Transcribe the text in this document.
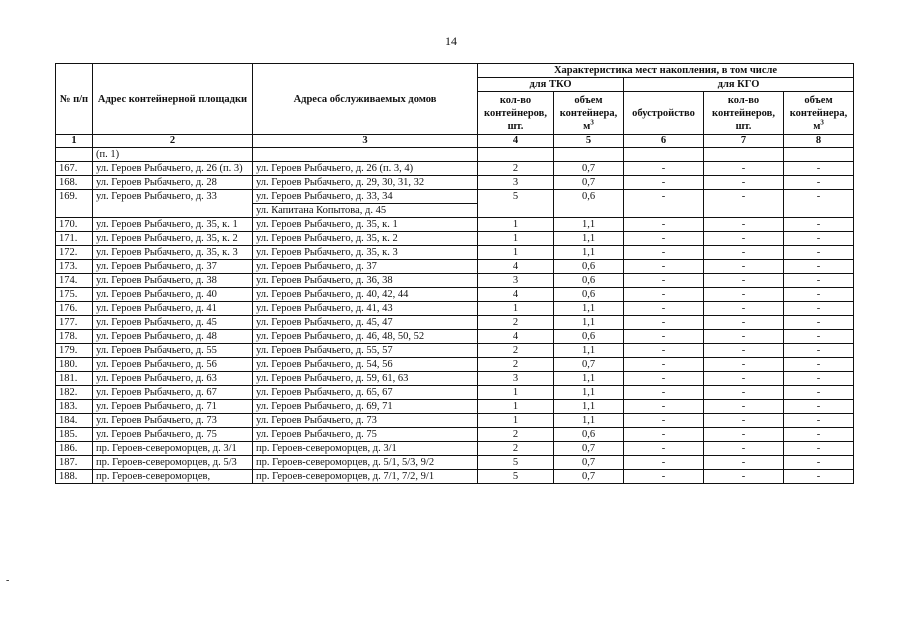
14
№ п/п	Адрес контейнерной площадки	Адреса обслуживаемых домов	Характеристика мест накопления, в том числе				
			для ТКО		для КГО		
			кол-во контейнеров, шт.	объем контейнера, $м^3$	обустройство	кол-во контейнеров, шт.	объем контейнера, $м^3$
1	2	3	4	5	6	7	8
	(п. 1)						
167.	ул. Героев Рыбачьего, д. 26 (п. 3)	ул. Героев Рыбачьего, д. 26 (п. 3, 4)	2	0,7	-	-	-
168.	ул. Героев Рыбачьего, д. 28	ул. Героев Рыбачьего, д. 29, 30, 31, 32	3	0,7	-	-	-
169.	ул. Героев Рыбачьего, д. 33	ул. Героев Рыбачьего, д. 33, 34
ул. Капитана Копытова, д. 45	5	0,6	-	-	-
170.	ул. Героев Рыбачьего, д. 35, к. 1	ул. Героев Рыбачьего, д. 35, к. 1	1	1,1	-	-	-
171.	ул. Героев Рыбачьего, д. 35, к. 2	ул. Героев Рыбачьего, д. 35, к. 2	1	1,1	-	-	-
172.	ул. Героев Рыбачьего, д. 35, к. 3	ул. Героев Рыбачьего, д. 35, к. 3	1	1,1	-	-	-
173.	ул. Героев Рыбачьего, д. 37	ул. Героев Рыбачьего, д. 37	4	0,6	-	-	-
174.	ул. Героев Рыбачьего, д. 38	ул. Героев Рыбачьего, д. 36, 38	3	0,6	-	-	-
175.	ул. Героев Рыбачьего, д. 40	ул. Героев Рыбачьего, д. 40, 42, 44	4	0,6	-	-	-
176.	ул. Героев Рыбачьего, д. 41	ул. Героев Рыбачьего, д. 41, 43	1	1,1	-	-	-
177.	ул. Героев Рыбачьего, д. 45	ул. Героев Рыбачьего, д. 45, 47	2	1,1	-	-	-
178.	ул. Героев Рыбачьего, д. 48	ул. Героев Рыбачьего, д. 46, 48, 50, 52	4	0,6	-	-	-
179.	ул. Героев Рыбачьего, д. 55	ул. Героев Рыбачьего, д. 55, 57	2	1,1	-	-	-
180.	ул. Героев Рыбачьего, д. 56	ул. Героев Рыбачьего, д. 54, 56	2	0,7	-	-	-
181.	ул. Героев Рыбачьего, д. 63	ул. Героев Рыбачьего, д. 59, 61, 63	3	1,1	-	-	-
182.	ул. Героев Рыбачьего, д. 67	ул. Героев Рыбачьего, д. 65, 67	1	1,1	-	-	-
183.	ул. Героев Рыбачьего, д. 71	ул. Героев Рыбачьего, д. 69, 71	1	1,1	-	-	-
184.	ул. Героев Рыбачьего, д. 73	ул. Героев Рыбачьего, д. 73	1	1,1	-	-	-
185.	ул. Героев Рыбачьего, д. 75	ул. Героев Рыбачьего, д. 75	2	0,6	-	-	-
186.	пр. Героев-североморцев, д. 3/1	пр. Героев-североморцев, д. 3/1	2	0,7	-	-	-
187.	пр. Героев-североморцев, д. 5/3	пр. Героев-североморцев, д. 5/1, 5/3, 9/2	5	0,7	-	-	-
188.	пр. Героев-североморцев,	пр. Героев-североморцев, д. 7/1, 7/2, 9/1	5	0,7	-	-	-
-
